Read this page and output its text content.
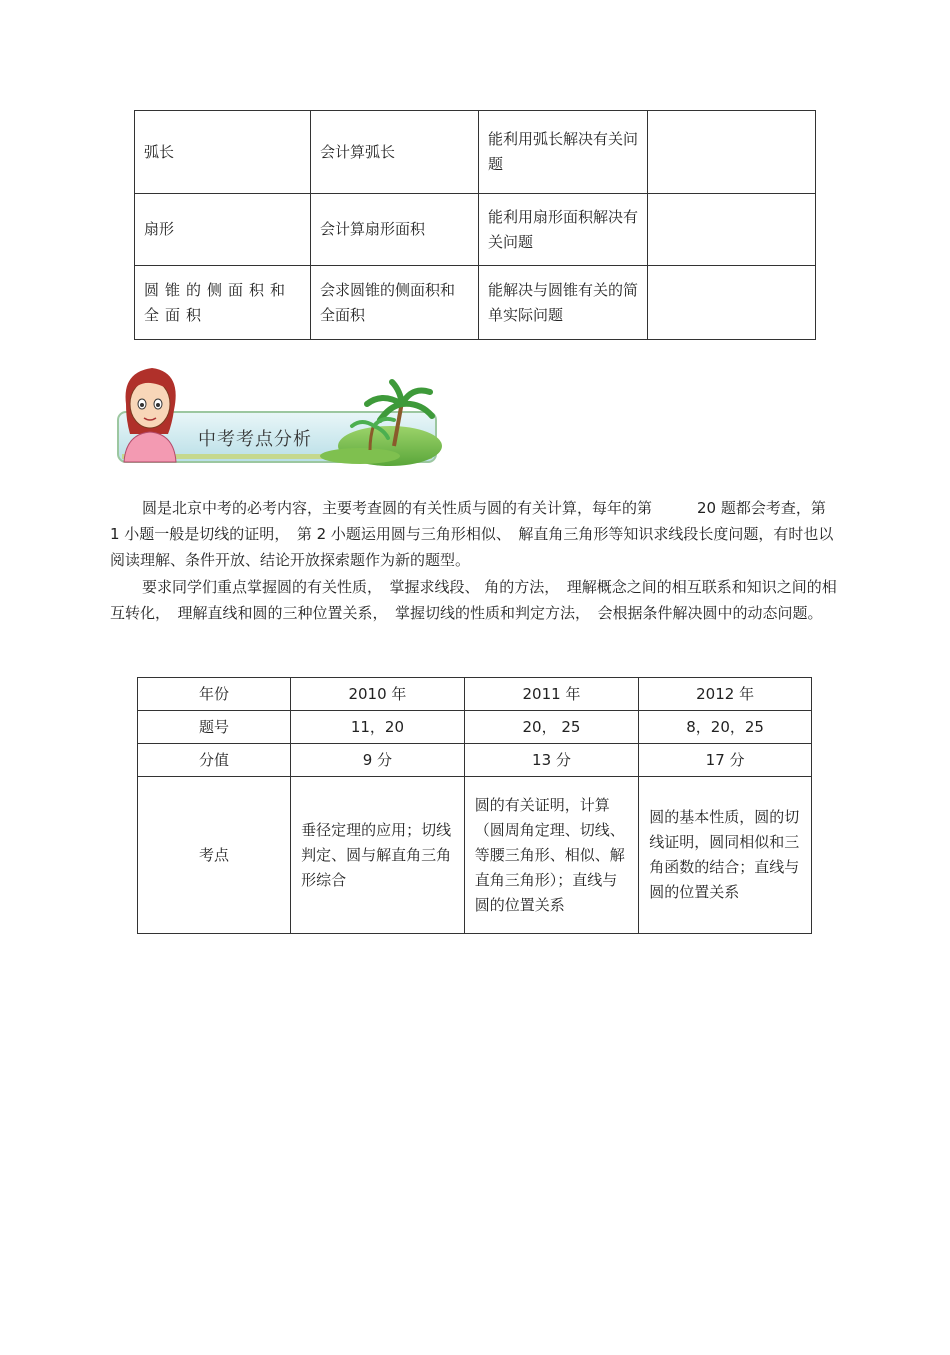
弧长	会计算弧长	能利用弧长解决有关问题	
扇形	会计算扇形面积	能利用扇形面积解决有关问题	
圆锥的侧面积和全面积	会求圆锥的侧面积和全面积	能解决与圆锥有关的简单实际问题	
中考考点分析
圆是北京中考的必考内容，主要考查圆的有关性质与圆的有关计算，每年的第　　　20 题都会考查，第 1 小题一般是切线的证明，　第 2 小题运用圆与三角形相似、　解直角三角形等知识求线段长度问题，有时也以阅读理解、条件开放、结论开放探索题作为新的题型。
要求同学们重点掌握圆的有关性质，　掌握求线段、 角的方法，　理解概念之间的相互联系和知识之间的相互转化，　理解直线和圆的三种位置关系，　掌握切线的性质和判定方法，　会根据条件解决圆中的动态问题。
年份	2010 年	2011 年	2012 年
题号	11，20	20， 25	8，20，25
分值	9 分	13 分	17 分
考点	垂径定理的应用；切线判定、圆与解直角三角形综合	圆的有关证明，计算（圆周角定理、切线、等腰三角形、相似、解直角三角形）；直线与圆的位置关系	圆的基本性质，圆的切线证明，圆同相似和三角函数的结合；直线与圆的位置关系
